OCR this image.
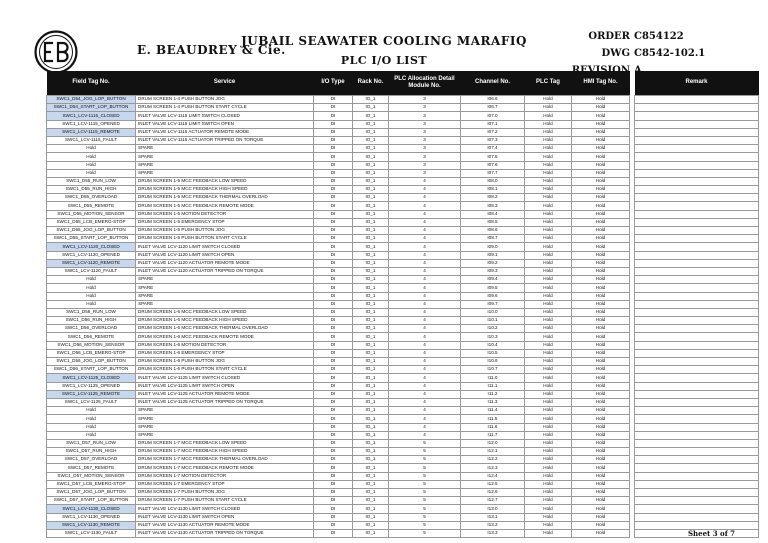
E. BEAUDREY & Cie.
JUBAIL SEAWATER COOLING MARAFIQ
PLC I/O LIST
ORDER C854122
DWG C8542-102.1
Field Tag No.	Service	I/O Type	Rack No.	PLC Allocation Detail Module No.	Channel No.	PLC Tag	HMI Tag No.		Remark
SWC1_D54_JOG_LOP_BUTTON	DRUM SCREEN 1-4 PUSH BUTTON JOG	DI	IO_1	3	I06.6	Hold	Hold		
SWC1_D54_START_LOP_BUTTON	DRUM SCREEN 1-4 PUSH BUTTON START CYCLE	DI	IO_1	3	I06.7	Hold	Hold		
SWC1_LCV-1115_CLOSED	INLET VALVE LCV-1115 LIMIT SWITCH CLOSED	DI	IO_1	3	I07.0	Hold	Hold		
SWC1_LCV-1115_OPENED	INLET VALVE LCV-1115 LIMIT SWITCH OPEN	DI	IO_1	3	I07.1	Hold	Hold		
SWC1_LCV-1115_REMOTE	INLET VALVE LCV-1115 ACTUATOR REMOTE MODE	DI	IO_1	3	I07.2	Hold	Hold		
SWC1_LCV-1115_FAULT	INLET VALVE LCV-1115 ACTUATOR TRIPPED ON TORQUE	DI	IO_1	3	I07.3	Hold	Hold		
Hold	SPARE	DI	IO_1	3	I07.4	Hold	Hold		
Hold	SPARE	DI	IO_1	3	I07.5	Hold	Hold		
Hold	SPARE	DI	IO_1	3	I07.6	Hold	Hold		
Hold	SPARE	DI	IO_1	3	I07.7	Hold	Hold		
SWC1_D55_RUN_LOW	DRUM SCREEN 1-5 MCC FEEDBACK LOW SPEED	DI	IO_1	4	I08.0	Hold	Hold		
SWC1_D55_RUN_HIGH	DRUM SCREEN 1-5 MCC FEEDBACK HIGH SPEED	DI	IO_1	4	I08.1	Hold	Hold		
SWC1_D55_OVERLOAD	DRUM SCREEN 1-5 MCC FEEDBACK THERMAL OVERLOAD	DI	IO_1	4	I08.2	Hold	Hold		
SWC1_D55_REMOTE	DRUM SCREEN 1-5 MCC FEEDBACK REMOTE MODE	DI	IO_1	4	I08.3	Hold	Hold		
SWC1_D55_MOTION_SENSOR	DRUM SCREEN 1-5 MOTION DETECTOR	DI	IO_1	4	I08.4	Hold	Hold		
SWC1_D55_LCB_EMERG-STOP	DRUM SCREEN 1-5 EMERGENCY STOP	DI	IO_1	4	I08.5	Hold	Hold		
SWC1_D55_JOG_LOP_BUTTON	DRUM SCREEN 1-5 PUSH BUTTON JOG	DI	IO_1	4	I08.6	Hold	Hold		
SWC1_D55_START_LOP_BUTTON	DRUM SCREEN 1-5 PUSH BUTTON START CYCLE	DI	IO_1	4	I08.7	Hold	Hold		
SWC1_LCV-1120_CLOSED	INLET VALVE LCV-1120 LIMIT SWITCH CLOSED	DI	IO_1	4	I09.0	Hold	Hold		
SWC1_LCV-1120_OPENED	INLET VALVE LCV-1120 LIMIT SWITCH OPEN	DI	IO_1	4	I09.1	Hold	Hold		
SWC1_LCV-1120_REMOTE	INLET VALVE LCV-1120 ACTUATOR REMOTE MODE	DI	IO_1	4	I09.2	Hold	Hold		
SWC1_LCV-1120_FAULT	INLET VALVE LCV-1120 ACTUATOR TRIPPED ON TORQUE	DI	IO_1	4	I09.3	Hold	Hold		
Hold	SPARE	DI	IO_1	4	I09.4	Hold	Hold		
Hold	SPARE	DI	IO_1	4	I09.5	Hold	Hold		
Hold	SPARE	DI	IO_1	4	I09.6	Hold	Hold		
Hold	SPARE	DI	IO_1	4	I09.7	Hold	Hold		
SWC1_D56_RUN_LOW	DRUM SCREEN 1-6 MCC FEEDBACK LOW SPEED	DI	IO_1	4	I10.0	Hold	Hold		
SWC1_D56_RUN_HIGH	DRUM SCREEN 1-6 MCC FEEDBACK HIGH SPEED	DI	IO_1	4	I10.1	Hold	Hold		
SWC1_D56_OVERLOAD	DRUM SCREEN 1-6 MCC FEEDBACK THERMAL OVERLOAD	DI	IO_1	4	I10.2	Hold	Hold		
SWC1_D56_REMOTE	DRUM SCREEN 1-6 MCC FEEDBACK REMOTE MODE	DI	IO_1	4	I10.3	Hold	Hold		
SWC1_D56_MOTION_SENSOR	DRUM SCREEN 1-6 MOTION DETECTOR	DI	IO_1	4	I10.4	Hold	Hold		
SWC1_D56_LCB_EMERG-STOP	DRUM SCREEN 1-6 EMERGENCY STOP	DI	IO_1	4	I10.5	Hold	Hold		
SWC1_D56_JOG_LOP_BUTTON	DRUM SCREEN 1-6 PUSH BUTTON JOG	DI	IO_1	4	I10.6	Hold	Hold		
SWC1_D56_START_LOP_BUTTON	DRUM SCREEN 1-6 PUSH BUTTON START CYCLE	DI	IO_1	4	I10.7	Hold	Hold		
SWC1_LCV-1125_CLOSED	INLET VALVE LCV-1125 LIMIT SWITCH CLOSED	DI	IO_1	4	I11.0	Hold	Hold		
SWC1_LCV-1125_OPENED	INLET VALVE LCV-1125 LIMIT SWITCH OPEN	DI	IO_1	4	I11.1	Hold	Hold		
SWC1_LCV-1125_REMOTE	INLET VALVE LCV-1125 ACTUATOR REMOTE MODE	DI	IO_1	4	I11.2	Hold	Hold		
SWC1_LCV-1125_FAULT	INLET VALVE LCV-1125 ACTUATOR TRIPPED ON TORQUE	DI	IO_1	4	I11.3	Hold	Hold		
Hold	SPARE	DI	IO_1	4	I11.4	Hold	Hold		
Hold	SPARE	DI	IO_1	4	I11.5	Hold	Hold		
Hold	SPARE	DI	IO_1	4	I11.6	Hold	Hold		
Hold	SPARE	DI	IO_1	4	I11.7	Hold	Hold		
SWC1_D57_RUN_LOW	DRUM SCREEN 1-7 MCC FEEDBACK LOW SPEED	DI	IO_1	5	I12.0	Hold	Hold		
SWC1_D57_RUN_HIGH	DRUM SCREEN 1-7 MCC FEEDBACK HIGH SPEED	DI	IO_1	5	I12.1	Hold	Hold		
SWC1_D57_OVERLOAD	DRUM SCREEN 1-7 MCC FEEDBACK THERMAL OVERLOAD	DI	IO_1	5	I12.2	Hold	Hold		
SWC1_D57_REMOTE	DRUM SCREEN 1-7 MCC FEEDBACK REMOTE MODE	DI	IO_1	5	I12.3	Hold	Hold		
SWC1_D57_MOTION_SENSOR	DRUM SCREEN 1-7 MOTION DETECTOR	DI	IO_1	5	I12.4	Hold	Hold		
SWC1_D57_LCB_EMERG-STOP	DRUM SCREEN 1-7 EMERGENCY STOP	DI	IO_1	5	I12.5	Hold	Hold		
SWC1_D57_JOG_LOP_BUTTON	DRUM SCREEN 1-7 PUSH BUTTON JOG	DI	IO_1	5	I12.6	Hold	Hold		
SWC1_D57_START_LOP_BUTTON	DRUM SCREEN 1-7 PUSH BUTTON START CYCLE	DI	IO_1	5	I12.7	Hold	Hold		
SWC1_LCV-1130_CLOSED	INLET VALVE LCV-1130 LIMIT SWITCH CLOSED	DI	IO_1	5	I13.0	Hold	Hold		
SWC1_LCV-1130_OPENED	INLET VALVE LCV-1130 LIMIT SWITCH OPEN	DI	IO_1	5	I13.1	Hold	Hold		
SWC1_LCV-1130_REMOTE	INLET VALVE LCV-1130 ACTUATOR REMOTE MODE	DI	IO_1	5	I13.2	Hold	Hold		
SWC1_LCV-1130_FAULT	INLET VALVE LCV-1130 ACTUATOR TRIPPED ON TORQUE	DI	IO_1	5	I13.3	Hold	Hold			Sheet 3 of 7
